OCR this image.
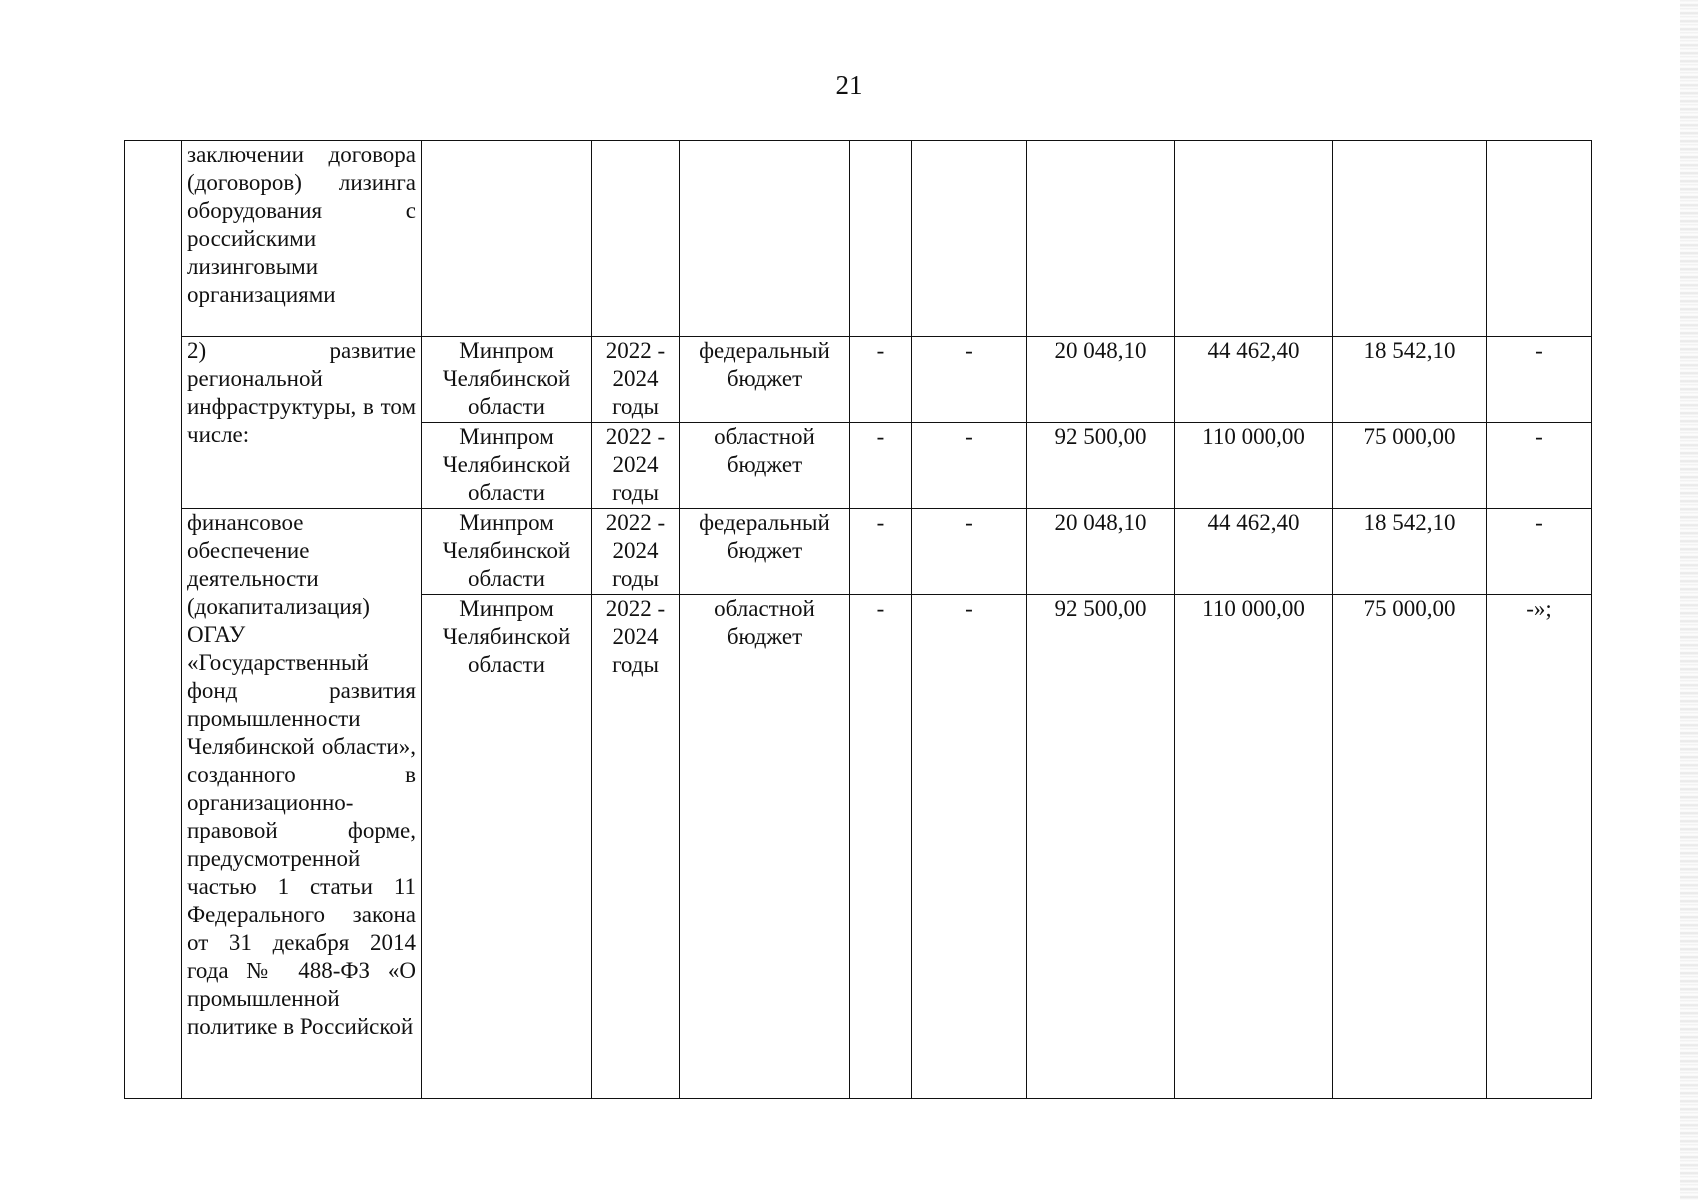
21
	заключении договора (договоров) лизинга оборудования с российскими лизинговыми организациями									
	2) развитие региональной инфраструктуры, в том числе:	Минпром Челябинской области	2022 - 2024 годы	федеральный бюджет	-	-	20 048,10	44 462,40	18 542,10	-
		Минпром Челябинской области	2022 - 2024 годы	областной бюджет	-	-	92 500,00	110 000,00	75 000,00	-
	финансовое обеспечение деятельности (докапитализация) ОГАУ «Государственный фонд развития промышленности Челябинской области», созданного в организационно-правовой форме, предусмотренной частью 1 статьи 11 Федерального закона от 31 декабря 2014 года № 488-ФЗ «О промышленной политике в Российской	Минпром Челябинской области	2022 - 2024 годы	федеральный бюджет	-	-	20 048,10	44 462,40	18 542,10	-
		Минпром Челябинской области	2022 - 2024 годы	областной бюджет	-	-	92 500,00	110 000,00	75 000,00	-»;
